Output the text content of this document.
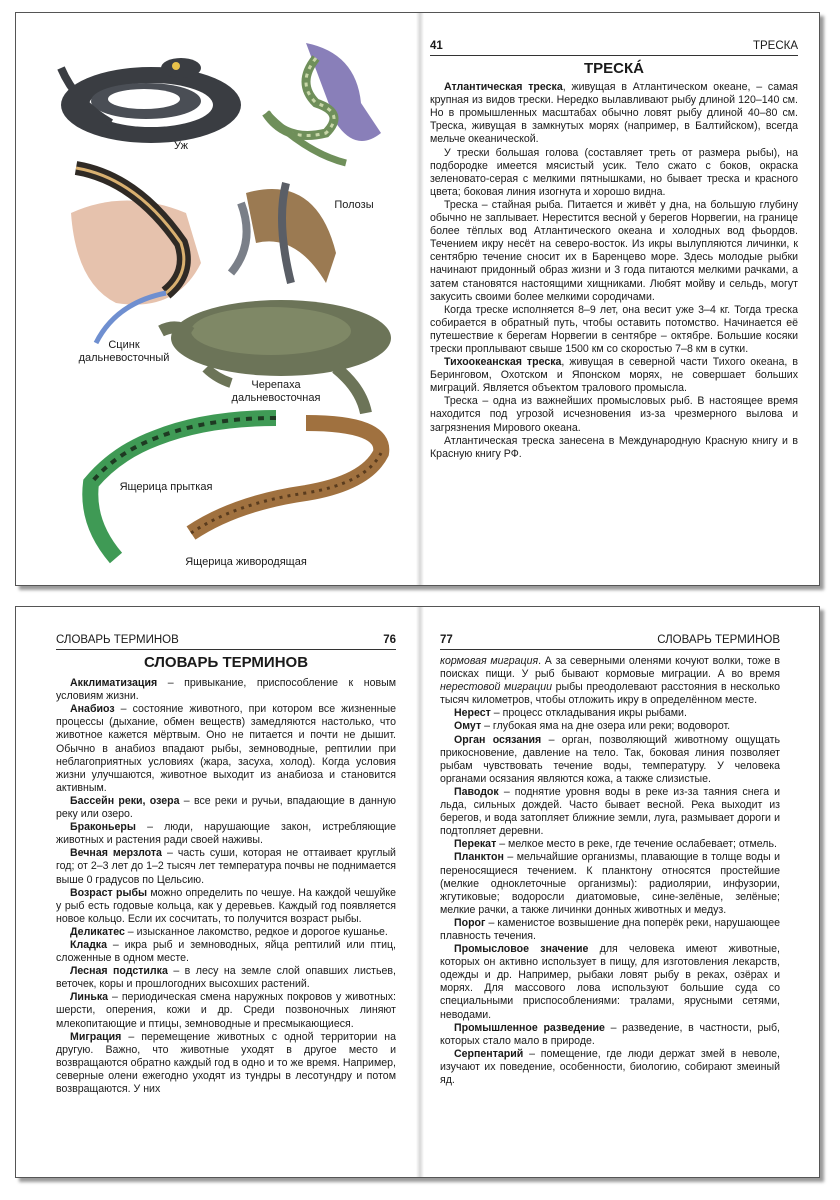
Уж
Полозы
Сцинк
дальневосточный
Черепаха
дальневосточная
Ящерица прыткая
Ящерица живородящая
41	ТРЕСКА
ТРЕСКÁ

Атлантическая треска, живущая в Атлантическом океане, – самая крупная из видов трески. Нередко вылавливают рыбу длиной 120–140 см. Но в промышленных масштабах обычно ловят рыбу длиной 40–80 см. Треска, живущая в замкнутых морях (например, в Балтийском), всегда мельче океанической.

У трески большая голова (составляет треть от размера рыбы), на подбородке имеется мясистый усик. Тело сжато с боков, окраска зеленовато-серая с мелкими пятнышками, но бывает треска и красного цвета; боковая линия изогнута и хорошо видна.

Треска – стайная рыба. Питается и живёт у дна, на большую глубину обычно не заплывает. Нерестится весной у берегов Норвегии, на границе более тёплых вод Атлантического океана и холодных вод фьордов. Течением икру несёт на северо-восток. Из икры вылупляются личинки, к сентябрю течение сносит их в Баренцево море. Здесь молодые рыбки начинают придонный образ жизни и 3 года питаются мелкими рачками, а затем становятся настоящими хищниками. Любят мойву и сельдь, могут закусить своими более мелкими сородичами.

Когда треске исполняется 8–9 лет, она весит уже 3–4 кг. Тогда треска собирается в обратный путь, чтобы оставить потомство. Начинается её путешествие к берегам Норвегии в сентябре – октябре. Большие косяки трески проплывают свыше 1500 км со скоростью 7–8 км в сутки.

Тихоокеанская треска, живущая в северной части Тихого океана, в Беринговом, Охотском и Японском морях, не совершает больших миграций. Является объектом тралового промысла.

Треска – одна из важнейших промысловых рыб. В настоящее время находится под угрозой исчезновения из-за чрезмерного вылова и загрязнения Мирового океана.

Атлантическая треска занесена в Международную Красную книгу и в Красную книгу РФ.

СЛОВАРЬ ТЕРМИНОВ	76
СЛОВАРЬ ТЕРМИНОВ

Акклиматизация – привыкание, приспособление к новым условиям жизни.

Анабиоз – состояние животного, при котором все жизненные процессы (дыхание, обмен веществ) замедляются настолько, что животное кажется мёртвым. Оно не питается и почти не дышит. Обычно в анабиоз впадают рыбы, земноводные, рептилии при неблагоприятных условиях (жара, засуха, холод). Когда условия жизни улучшаются, животное выходит из анабиоза и становится активным.

Бассейн реки, озера – все реки и ручьи, впадающие в данную реку или озеро.

Браконьеры – люди, нарушающие закон, истребляющие животных и растения ради своей наживы.

Вечная мерзлота – часть суши, которая не оттаивает круглый год; от 2–3 лет до 1–2 тысяч лет температура почвы не поднимается выше 0 градусов по Цельсию.

Возраст рыбы можно определить по чешуе. На каждой чешуйке у рыб есть годовые кольца, как у деревьев. Каждый год появляется новое кольцо. Если их сосчитать, то получится возраст рыбы.

Деликатес – изысканное лакомство, редкое и дорогое кушанье.

Кладка – икра рыб и земноводных, яйца рептилий или птиц, сложенные в одном месте.

Лесная подстилка – в лесу на земле слой опавших листьев, веточек, коры и прошлогодних высохших растений.

Линька – периодическая смена наружных покровов у животных: шерсти, оперения, кожи и др. Среди позвоночных линяют млекопитающие и птицы, земноводные и пресмыкающиеся.

Миграция – перемещение животных с одной территории на другую. Важно, что животные уходят в другое место и возвращаются обратно каждый год в одно и то же время. Например, северные олени ежегодно уходят из тундры в лесотундру и потом возвращаются. У них

77	СЛОВАРЬ ТЕРМИНОВ

кормовая миграция. А за северными оленями кочуют волки, тоже в поисках пищи. У рыб бывают кормовые миграции. А во время нерестовой миграции рыбы преодолевают расстояния в несколько тысяч километров, чтобы отложить икру в определённом месте.

Нерест – процесс откладывания икры рыбами.

Омут – глубокая яма на дне озера или реки; водоворот.

Орган осязания – орган, позволяющий животному ощущать прикосновение, давление на тело. Так, боковая линия позволяет рыбам чувствовать течение воды, температуру. У человека органами осязания являются кожа, а также слизистые.

Паводок – поднятие уровня воды в реке из-за таяния снега и льда, сильных дождей. Часто бывает весной. Река выходит из берегов, и вода затопляет ближние земли, луга, размывает дороги и подтопляет деревни.

Перекат – мелкое место в реке, где течение ослабевает; отмель.

Планктон – мельчайшие организмы, плавающие в толще воды и переносящиеся течением. К планктону относятся простейшие (мелкие одноклеточные организмы): радиолярии, инфузории, жгутиковые; водоросли диатомовые, сине-зелёные, зелёные; мелкие рачки, а также личинки донных животных и медуз.

Порог – каменистое возвышение дна поперёк реки, нарушающее плавность течения.

Промысловое значение для человека имеют животные, которых он активно использует в пищу, для изготовления лекарств, одежды и др. Например, рыбаки ловят рыбу в реках, озёрах и морях. Для массового лова используют большие суда со специальными приспособлениями: тралами, ярусными сетями, неводами.

Промышленное разведение – разведение, в частности, рыб, которых стало мало в природе.

Серпентарий – помещение, где люди держат змей в неволе, изучают их поведение, особенности, биологию, собирают змеиный яд.
